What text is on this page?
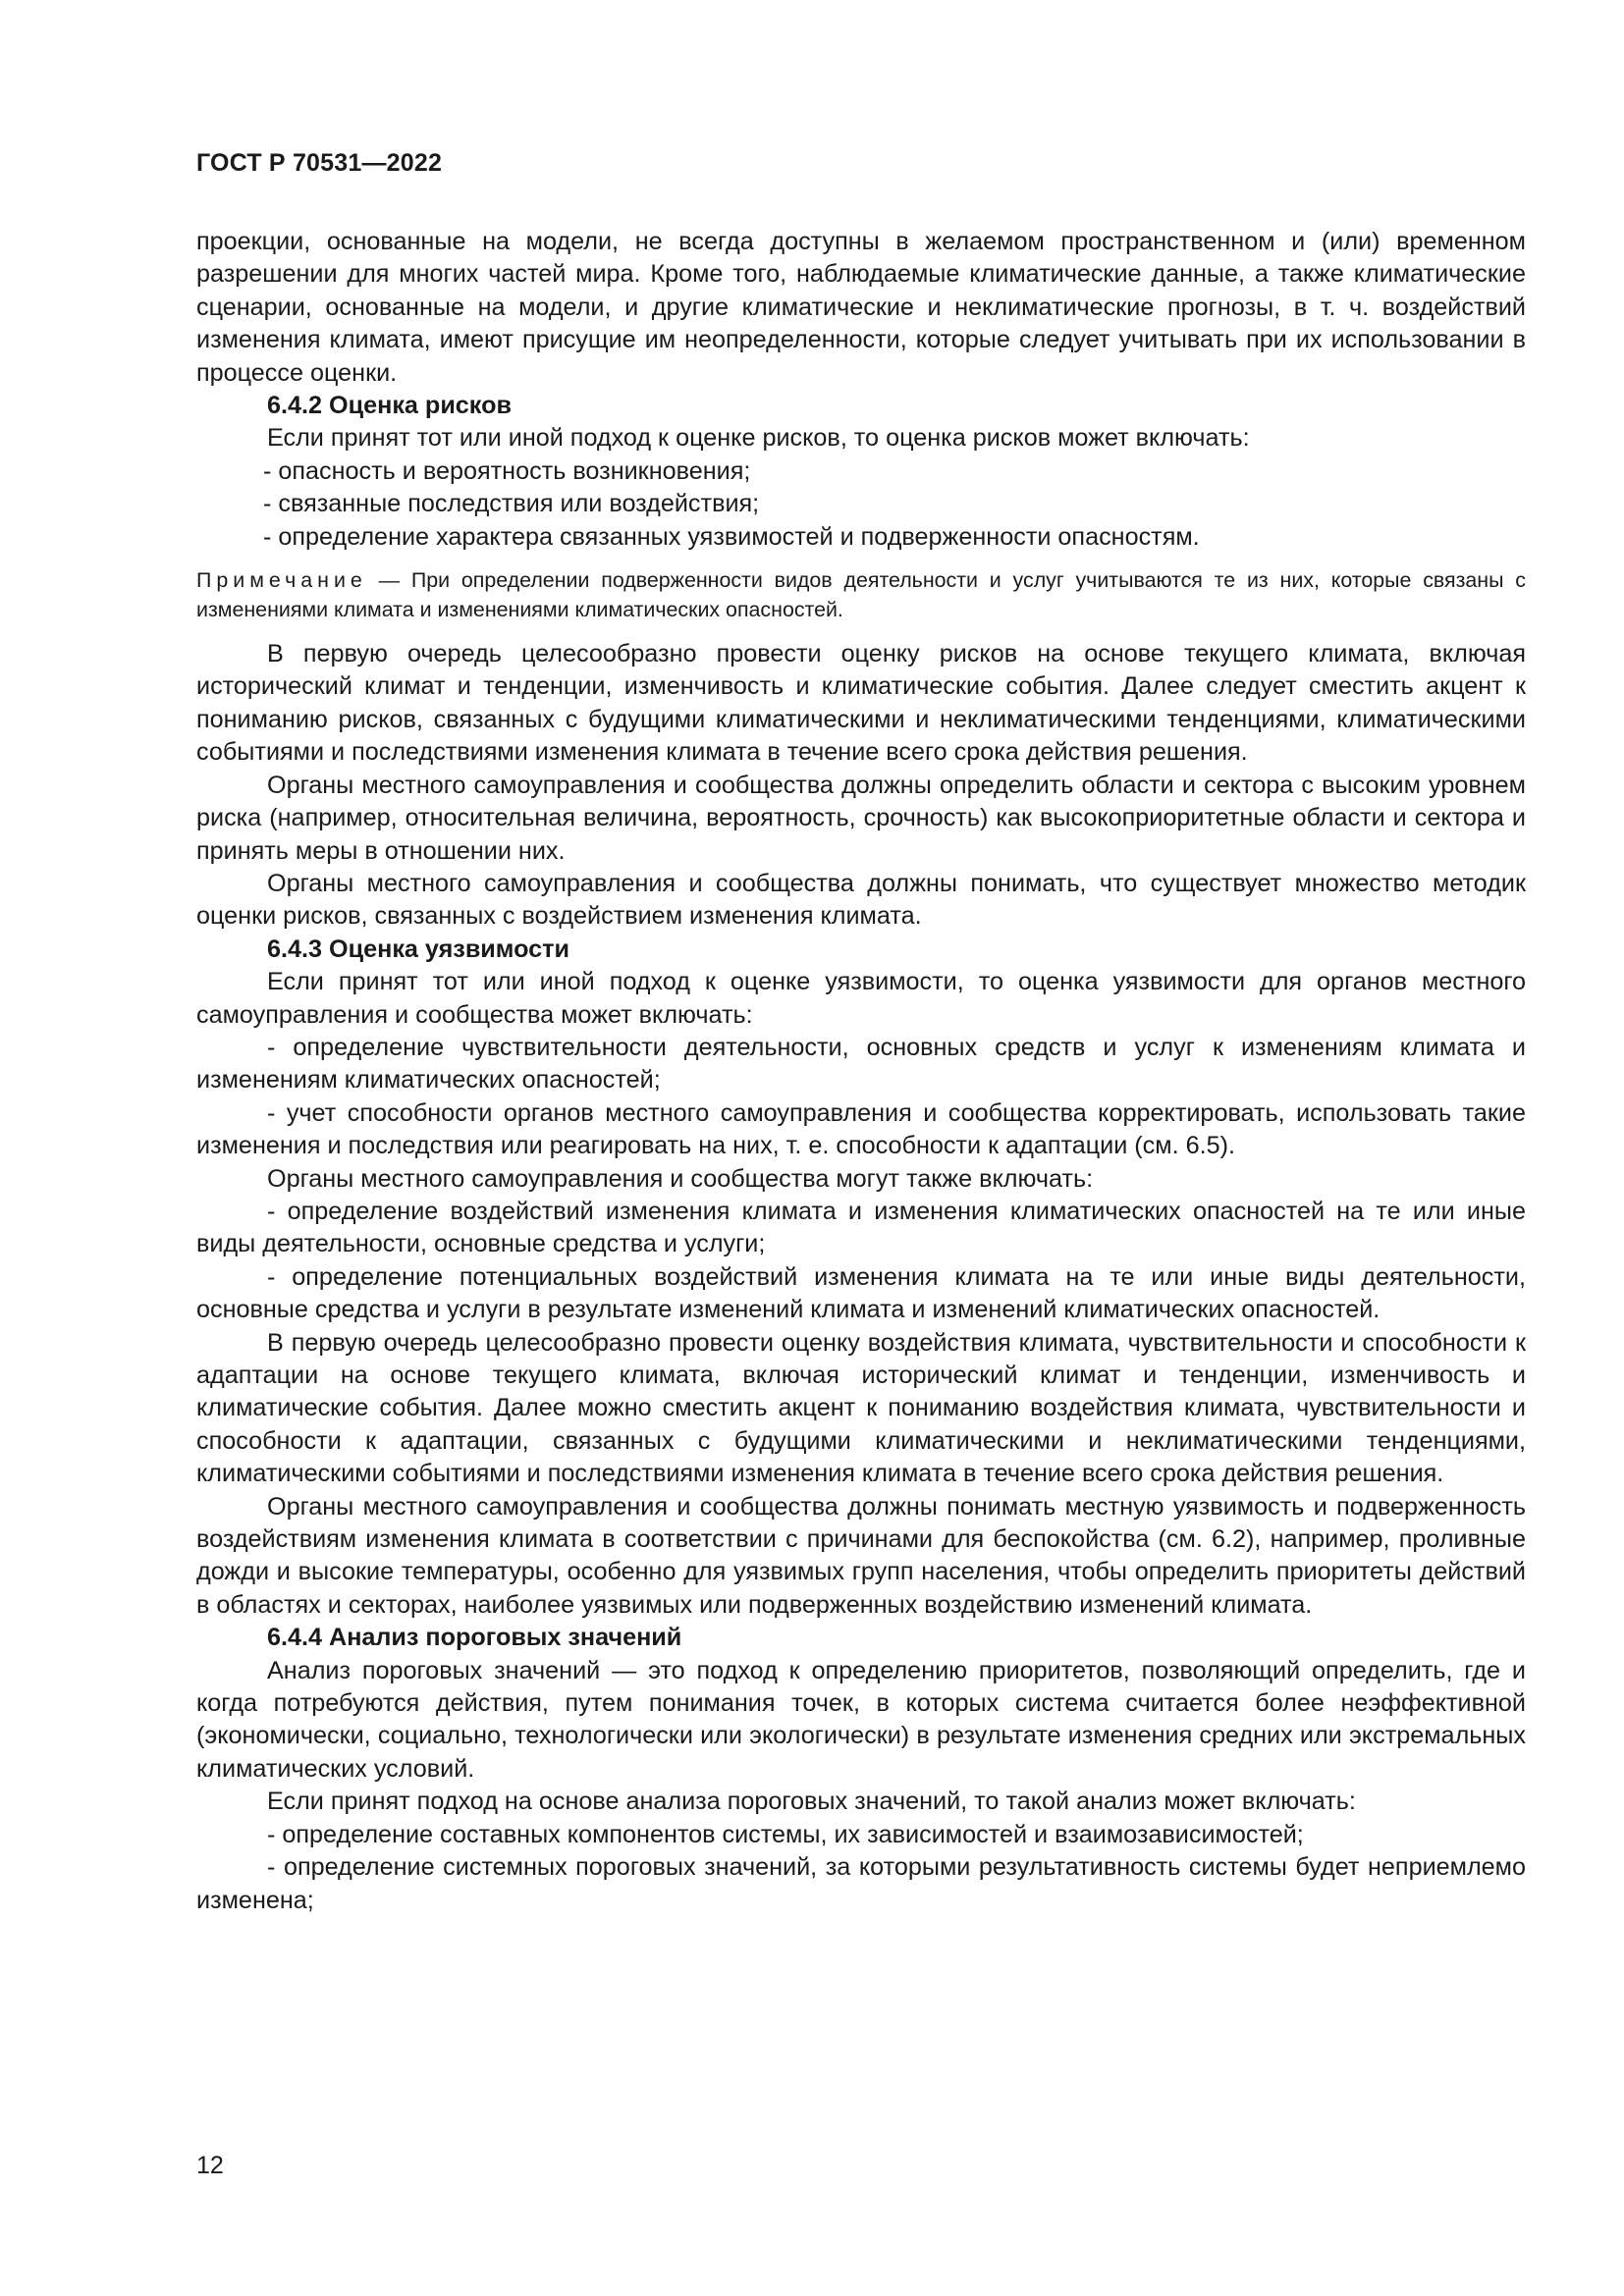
ГОСТ Р 70531—2022

проекции, основанные на модели, не всегда доступны в желаемом пространственном и (или) временном разрешении для многих частей мира. Кроме того, наблюдаемые климатические данные, а также климатические сценарии, основанные на модели, и другие климатические и неклиматические прогнозы, в т. ч. воздействий изменения климата, имеют присущие им неопределенности, которые следует учитывать при их использовании в процессе оценки.

6.4.2 Оценка рисков

Если принят тот или иной подход к оценке рисков, то оценка рисков может включать:

- опасность и вероятность возникновения;

- связанные последствия или воздействия;

- определение характера связанных уязвимостей и подверженности опасностям.

Примечание — При определении подверженности видов деятельности и услуг учитываются те из них, которые связаны с изменениями климата и изменениями климатических опасностей.

В первую очередь целесообразно провести оценку рисков на основе текущего климата, включая исторический климат и тенденции, изменчивость и климатические события. Далее следует сместить акцент к пониманию рисков, связанных с будущими климатическими и неклиматическими тенденциями, климатическими событиями и последствиями изменения климата в течение всего срока действия решения.

Органы местного самоуправления и сообщества должны определить области и сектора с высоким уровнем риска (например, относительная величина, вероятность, срочность) как высокоприоритетные области и сектора и принять меры в отношении них.

Органы местного самоуправления и сообщества должны понимать, что существует множество методик оценки рисков, связанных с воздействием изменения климата.

6.4.3 Оценка уязвимости

Если принят тот или иной подход к оценке уязвимости, то оценка уязвимости для органов местного самоуправления и сообщества может включать:

- определение чувствительности деятельности, основных средств и услуг к изменениям климата и изменениям климатических опасностей;

- учет способности органов местного самоуправления и сообщества корректировать, использовать такие изменения и последствия или реагировать на них, т. е. способности к адаптации (см. 6.5).

Органы местного самоуправления и сообщества могут также включать:

- определение воздействий изменения климата и изменения климатических опасностей на те или иные виды деятельности, основные средства и услуги;

- определение потенциальных воздействий изменения климата на те или иные виды деятельности, основные средства и услуги в результате изменений климата и изменений климатических опасностей.

В первую очередь целесообразно провести оценку воздействия климата, чувствительности и способности к адаптации на основе текущего климата, включая исторический климат и тенденции, изменчивость и климатические события. Далее можно сместить акцент к пониманию воздействия климата, чувствительности и способности к адаптации, связанных с будущими климатическими и неклиматическими тенденциями, климатическими событиями и последствиями изменения климата в течение всего срока действия решения.

Органы местного самоуправления и сообщества должны понимать местную уязвимость и подверженность воздействиям изменения климата в соответствии с причинами для беспокойства (см. 6.2), например, проливные дожди и высокие температуры, особенно для уязвимых групп населения, чтобы определить приоритеты действий в областях и секторах, наиболее уязвимых или подверженных воздействию изменений климата.

6.4.4 Анализ пороговых значений

Анализ пороговых значений — это подход к определению приоритетов, позволяющий определить, где и когда потребуются действия, путем понимания точек, в которых система считается более неэффективной (экономически, социально, технологически или экологически) в результате изменения средних или экстремальных климатических условий.

Если принят подход на основе анализа пороговых значений, то такой анализ может включать:

- определение составных компонентов системы, их зависимостей и взаимозависимостей;

- определение системных пороговых значений, за которыми результативность системы будет неприемлемо изменена;

12
